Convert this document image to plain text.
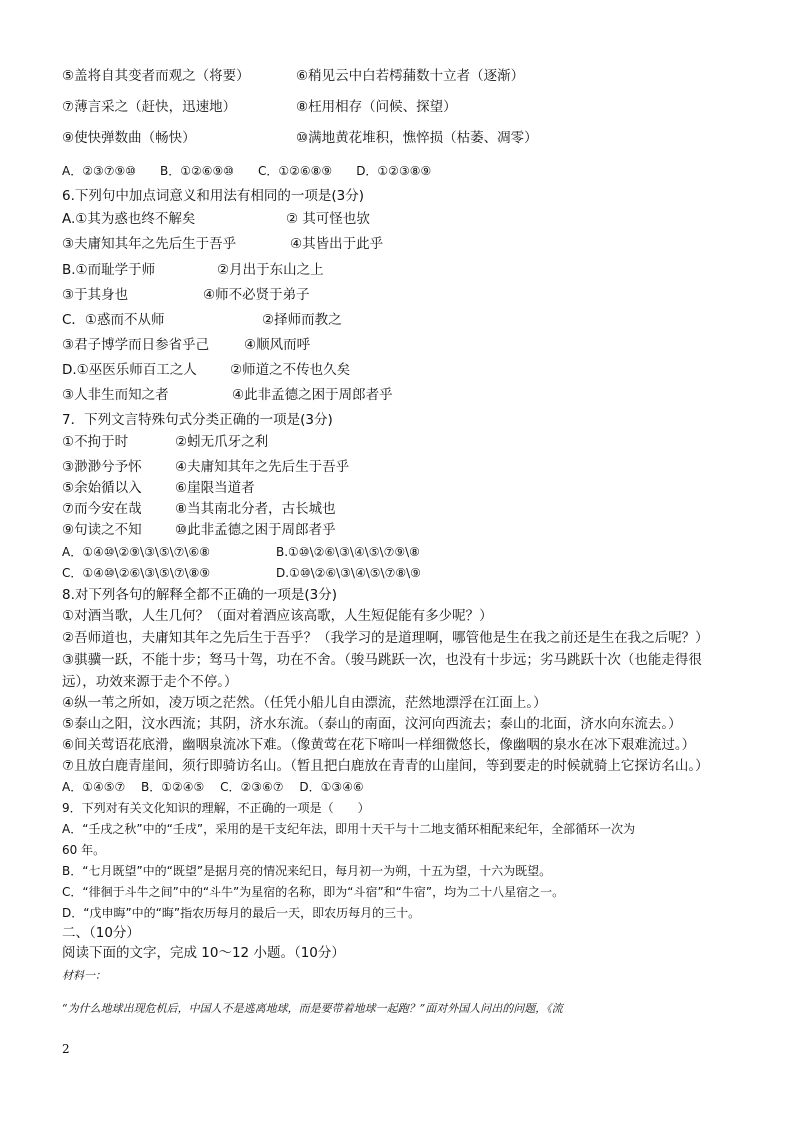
⑤盖将自其变者而观之（将要）	⑥稍见云中白若樗蒱数十立者（逐渐）
⑦薄言采之（赶快，迅速地）	⑧枉用相存（问候、探望）
⑨使快弹数曲（畅快）	⑩满地黄花堆积，憔悴损（枯萎、凋零）
A．②③⑦⑨⑩　　B．①②⑥⑨⑩　　C．①②⑥⑧⑨　　D．①②③⑧⑨
6.下列句中加点词意义和用法有相同的一项是(3分)
A.①其为惑也终不解矣	② 其可怪也欤
③夫庸知其年之先后生于吾乎	④其皆出于此乎
B.①而耻学于师	②月出于东山之上
③于其身也	④师不必贤于弟子
C．①惑而不从师	②择师而教之
③君子博学而日参省乎己	④顺风而呼
D.①巫医乐师百工之人 ②师道之不传也久矣
③人非生而知之者	④此非孟德之困于周郎者乎
7．下列文言特殊句式分类正确的一项是(3分)
①不拘于时	②蚓无爪牙之利
③渺渺兮予怀 ④夫庸知其年之先后生于吾乎
⑤余始循以入 ⑥崖限当道者
⑦而今安在哉 ⑧当其南北分者，古长城也
⑨句读之不知 ⑩此非孟德之困于周郎者乎
A．①④⑩\②⑨\③\⑤\⑦\⑥⑧	B.①⑩\②⑥\③\④\⑤\⑦⑨\⑧
C．①④⑩\②⑥\③\⑤\⑦\⑧⑨	D.①⑩\②⑥\③\④\⑤\⑦⑧\⑨
8.对下列各句的解释全都不正确的一项是(3分)
①对酒当歌，人生几何？（面对着酒应该高歌，人生短促能有多少呢？）
②吾师道也，夫庸知其年之先后生于吾乎？（我学习的是道理啊，哪管他是生在我之前还是生在我之后呢？）
③骐骥一跃，不能十步；驽马十驾，功在不舍。（骏马跳跃一次，也没有十步远；劣马跳跃十次（也能走得很
远），功效来源于走个不停。）
④纵一苇之所如，凌万顷之茫然。（任凭小船儿自由漂流，茫然地漂浮在江面上。）
⑤泰山之阳，汶水西流；其阴，济水东流。（泰山的南面，汶河向西流去；泰山的北面，济水向东流去。）
⑥间关莺语花底滑，幽咽泉流冰下难。（像黄莺在花下啼叫一样细微悠长，像幽咽的泉水在冰下艰难流过。）
⑦且放白鹿青崖间，须行即骑访名山。（暂且把白鹿放在青青的山崖间，等到要走的时候就骑上它探访名山。）
A．①④⑤⑦　 B．①②④⑤　 C．②③⑥⑦　 D．①③④⑥
9．下列对有关文化知识的理解，不正确的一项是（　　）
A．“壬戌之秋”中的“壬戌”，采用的是干支纪年法，即用十天干与十二地支循环相配来纪年，全部循环一次为
60 年。
B．“七月既望”中的“既望”是据月亮的情况来纪日，每月初一为朔，十五为望，十六为既望。
C．“徘徊于斗牛之间”中的“斗牛”为星宿的名称，即为“斗宿”和“牛宿”，均为二十八星宿之一。
D．“戊申晦”中的“晦”指农历每月的最后一天，即农历每月的三十。
二、（10分）
阅读下面的文字，完成 10～12 小题。（10分）
材料一：
“为什么地球出现危机后，中国人不是逃离地球，而是要带着地球一起跑？”面对外国人问出的问题，《流
2
